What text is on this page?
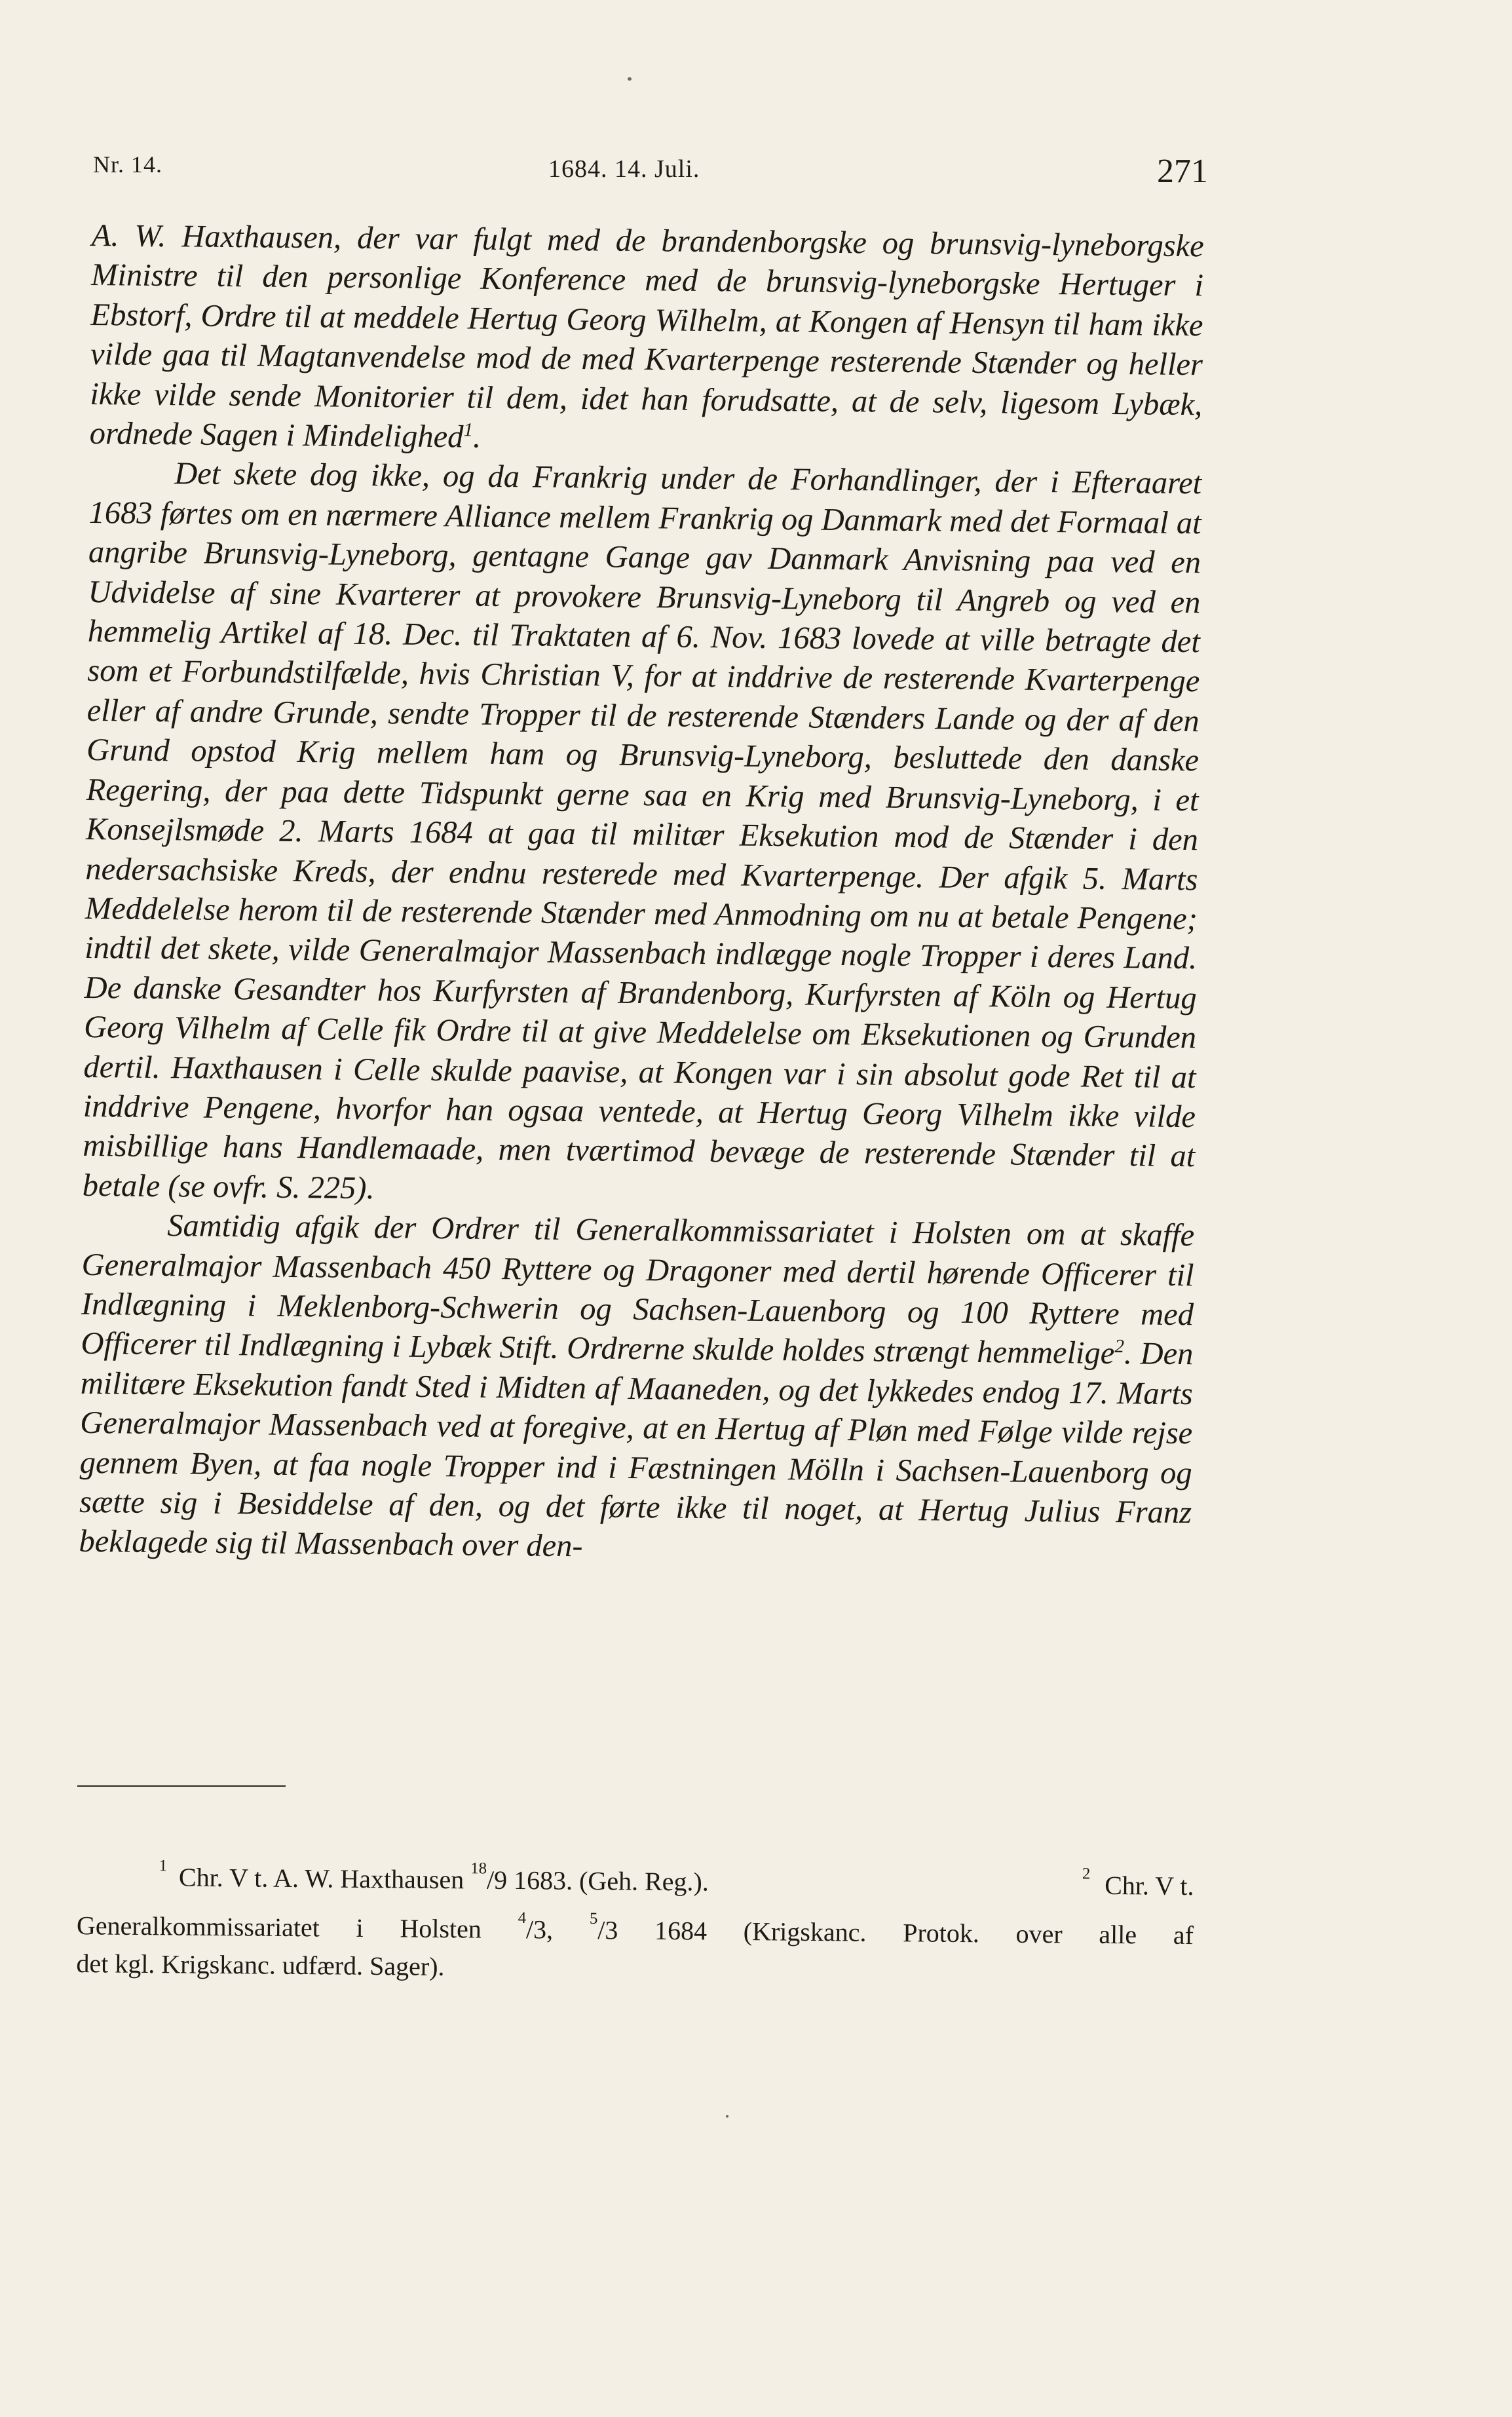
Nr. 14.	1684. 14. Juli.	271

A. W. Haxthausen, der var fulgt med de brandenborgske og brunsvig-lyneborgske Ministre til den personlige Konference med de brunsvig-lyneborgske Hertuger i Ebstorf, Ordre til at meddele Hertug Georg Wilhelm, at Kongen af Hensyn til ham ikke vilde gaa til Magtanvendelse mod de med Kvarterpenge resterende Stænder og heller ikke vilde sende Monitorier til dem, idet han forudsatte, at de selv, ligesom Lybæk, ordnede Sagen i Mindelighed$^1$.

Det skete dog ikke, og da Frankrig under de Forhandlinger, der i Efteraaret 1683 førtes om en nærmere Alliance mellem Frankrig og Danmark med det Formaal at angribe Brunsvig-Lyneborg, gentagne Gange gav Danmark Anvisning paa ved en Udvidelse af sine Kvarterer at provokere Brunsvig-Lyneborg til Angreb og ved en hemmelig Artikel af 18. Dec. til Traktaten af 6. Nov. 1683 lovede at ville betragte det som et Forbundstilfælde, hvis Christian V, for at inddrive de resterende Kvarterpenge eller af andre Grunde, sendte Tropper til de resterende Stænders Lande og der af den Grund opstod Krig mellem ham og Brunsvig-Lyneborg, besluttede den danske Regering, der paa dette Tidspunkt gerne saa en Krig med Brunsvig-Lyneborg, i et Konsejlsmøde 2. Marts 1684 at gaa til militær Eksekution mod de Stænder i den nedersachsiske Kreds, der endnu resterede med Kvarterpenge. Der afgik 5. Marts Meddelelse herom til de resterende Stænder med Anmodning om nu at betale Pengene; indtil det skete, vilde Generalmajor Massenbach indlægge nogle Tropper i deres Land. De danske Gesandter hos Kurfyrsten af Brandenborg, Kurfyrsten af Köln og Hertug Georg Vilhelm af Celle fik Ordre til at give Meddelelse om Eksekutionen og Grunden dertil. Haxthausen i Celle skulde paavise, at Kongen var i sin absolut gode Ret til at inddrive Pengene, hvorfor han ogsaa ventede, at Hertug Georg Vilhelm ikke vilde misbillige hans Handlemaade, men tværtimod bevæge de resterende Stænder til at betale (se ovfr. S. 225).

Samtidig afgik der Ordrer til Generalkommissariatet i Holsten om at skaffe Generalmajor Massenbach 450 Ryttere og Dragoner med dertil hørende Officerer til Indlægning i Meklenborg-Schwerin og Sachsen-Lauenborg og 100 Ryttere med Officerer til Indlægning i Lybæk Stift. Ordrerne skulde holdes strængt hemmelige$^2$. Den militære Eksekution fandt Sted i Midten af Maaneden, og det lykkedes endog 17. Marts Generalmajor Massenbach ved at foregive, at en Hertug af Pløn med Følge vilde rejse gennem Byen, at faa nogle Tropper ind i Fæstningen Mölln i Sachsen-Lauenborg og sætte sig i Besiddelse af den, og det førte ikke til noget, at Hertug Julius Franz beklagede sig til Massenbach over den-

$^1$ Chr. V t. A. W. Haxthausen $^{18}$/9 1683. (Geh. Reg.).	$^2$ Chr. V t.
Generalkommissariatet i Holsten $^4$/3, $^5$/3 1684 (Krigskanc. Protok. over alle af
det kgl. Krigskanc. udfærd. Sager).
